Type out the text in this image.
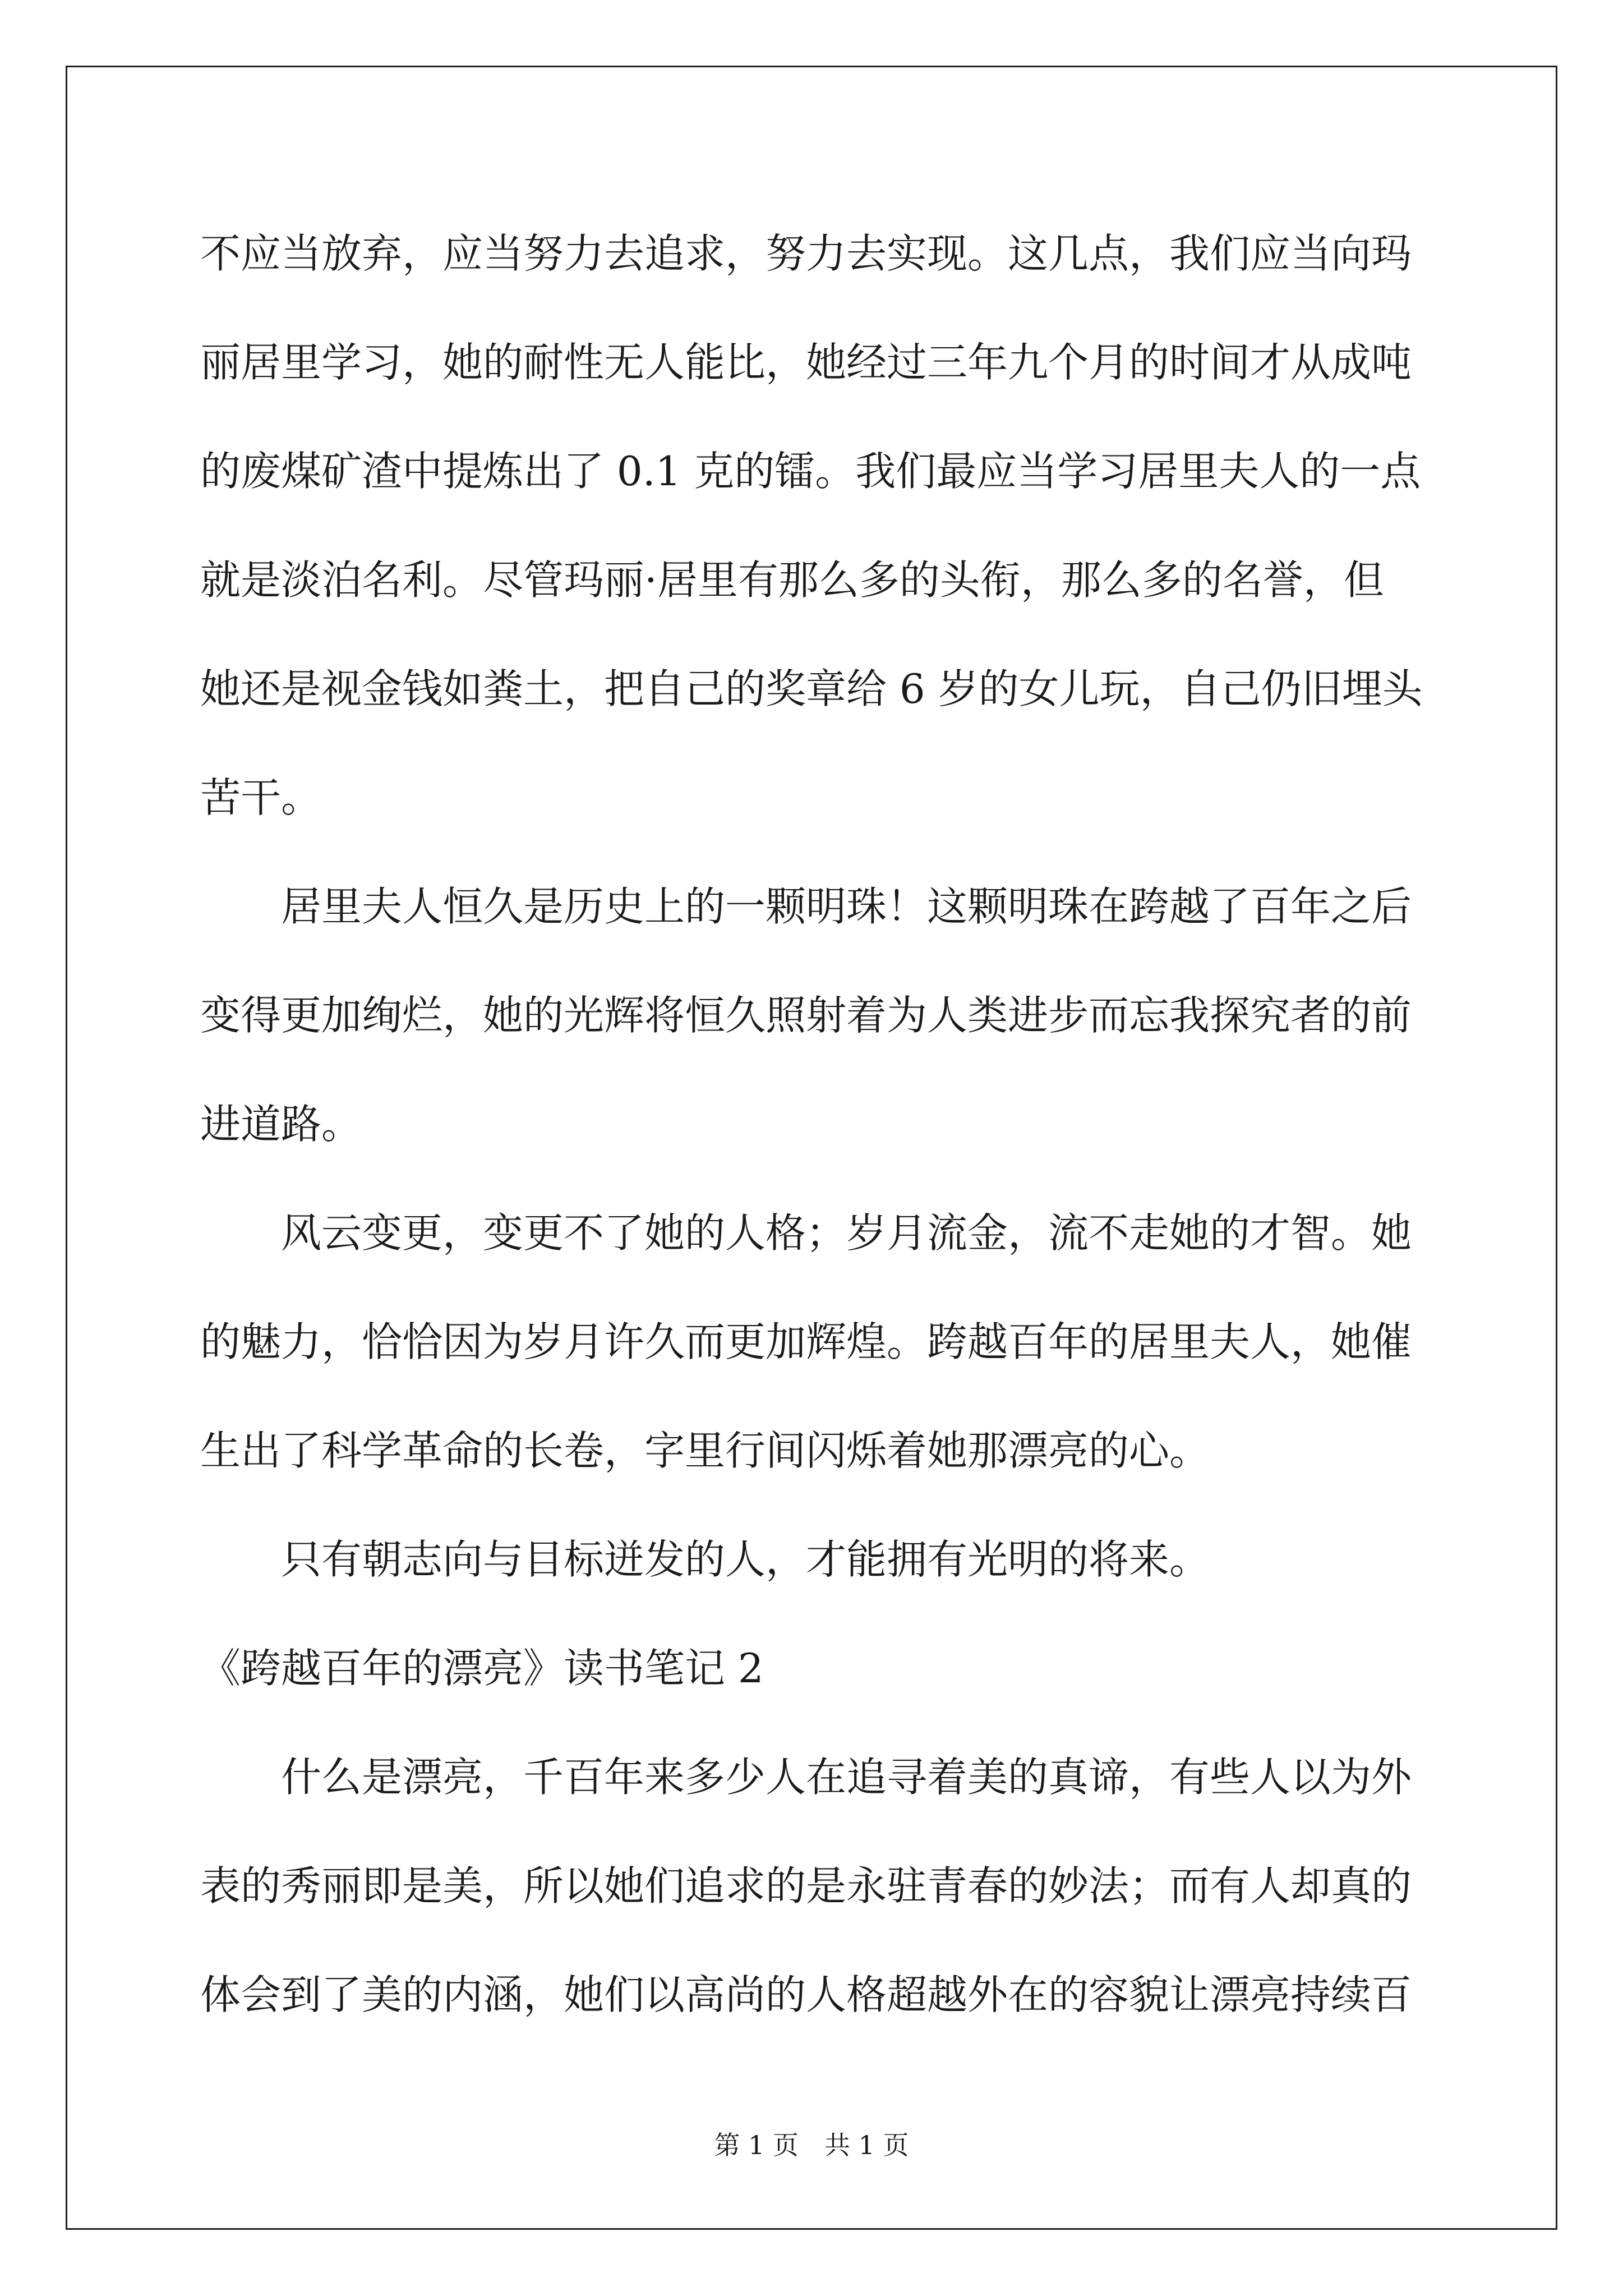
不应当放弃，应当努力去追求，努力去实现。这几点，我们应当向玛
丽居里学习，她的耐性无人能比，她经过三年九个月的时间才从成吨
的废煤矿渣中提炼出了 0.1 克的镭。我们最应当学习居里夫人的一点
就是淡泊名利。尽管玛丽·居里有那么多的头衔，那么多的名誉，但
她还是视金钱如粪土，把自己的奖章给 6 岁的女儿玩，自己仍旧埋头
苦干。
居里夫人恒久是历史上的一颗明珠！这颗明珠在跨越了百年之后
变得更加绚烂，她的光辉将恒久照射着为人类进步而忘我探究者的前
进道路。
风云变更，变更不了她的人格；岁月流金，流不走她的才智。她
的魅力，恰恰因为岁月许久而更加辉煌。跨越百年的居里夫人，她催
生出了科学革命的长卷，字里行间闪烁着她那漂亮的心。
只有朝志向与目标迸发的人，才能拥有光明的将来。
《跨越百年的漂亮》读书笔记 2
什么是漂亮，千百年来多少人在追寻着美的真谛，有些人以为外
表的秀丽即是美，所以她们追求的是永驻青春的妙法；而有人却真的
体会到了美的内涵，她们以高尚的人格超越外在的容貌让漂亮持续百
第 1 页　共 1 页
